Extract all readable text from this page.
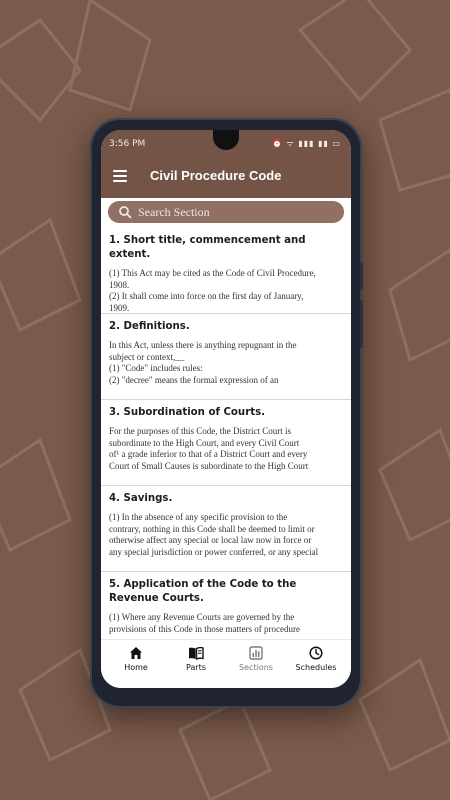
3:56 PM	⏰ ᯤ ▮▮▮ ▮▮ ▭
Civil Procedure Code
Search Section
1. Short title, commencement and extent.
(1) This Act may be cited as the Code of Civil Procedure,
1908.
(2) It shall come into force on the first day of January,
1909.
2. Definitions.
In this Act, unless there is anything repugnant in the
subject or context,__
(1) "Code" includes rules:
(2) "decree" means the formal expression of an
3. Subordination of Courts.
For the purposes of this Code, the District Court is
subordinate to the High Court, and every Civil Court
of¹ a grade inferior to that of a District Court and every
Court of Small Causes is subordinate to the High Court
4. Savings.
(1) In the absence of any specific provision to the
contrary, nothing in this Code shall be deemed to limit or
otherwise affect any special or local law now in force or
any special jurisdiction or power conferred, or any special
5. Application of the Code to the Revenue Courts.
(1) Where any Revenue Courts are governed by the
provisions of this Code in those matters of procedure
Home	Parts	Sections	Schedules
